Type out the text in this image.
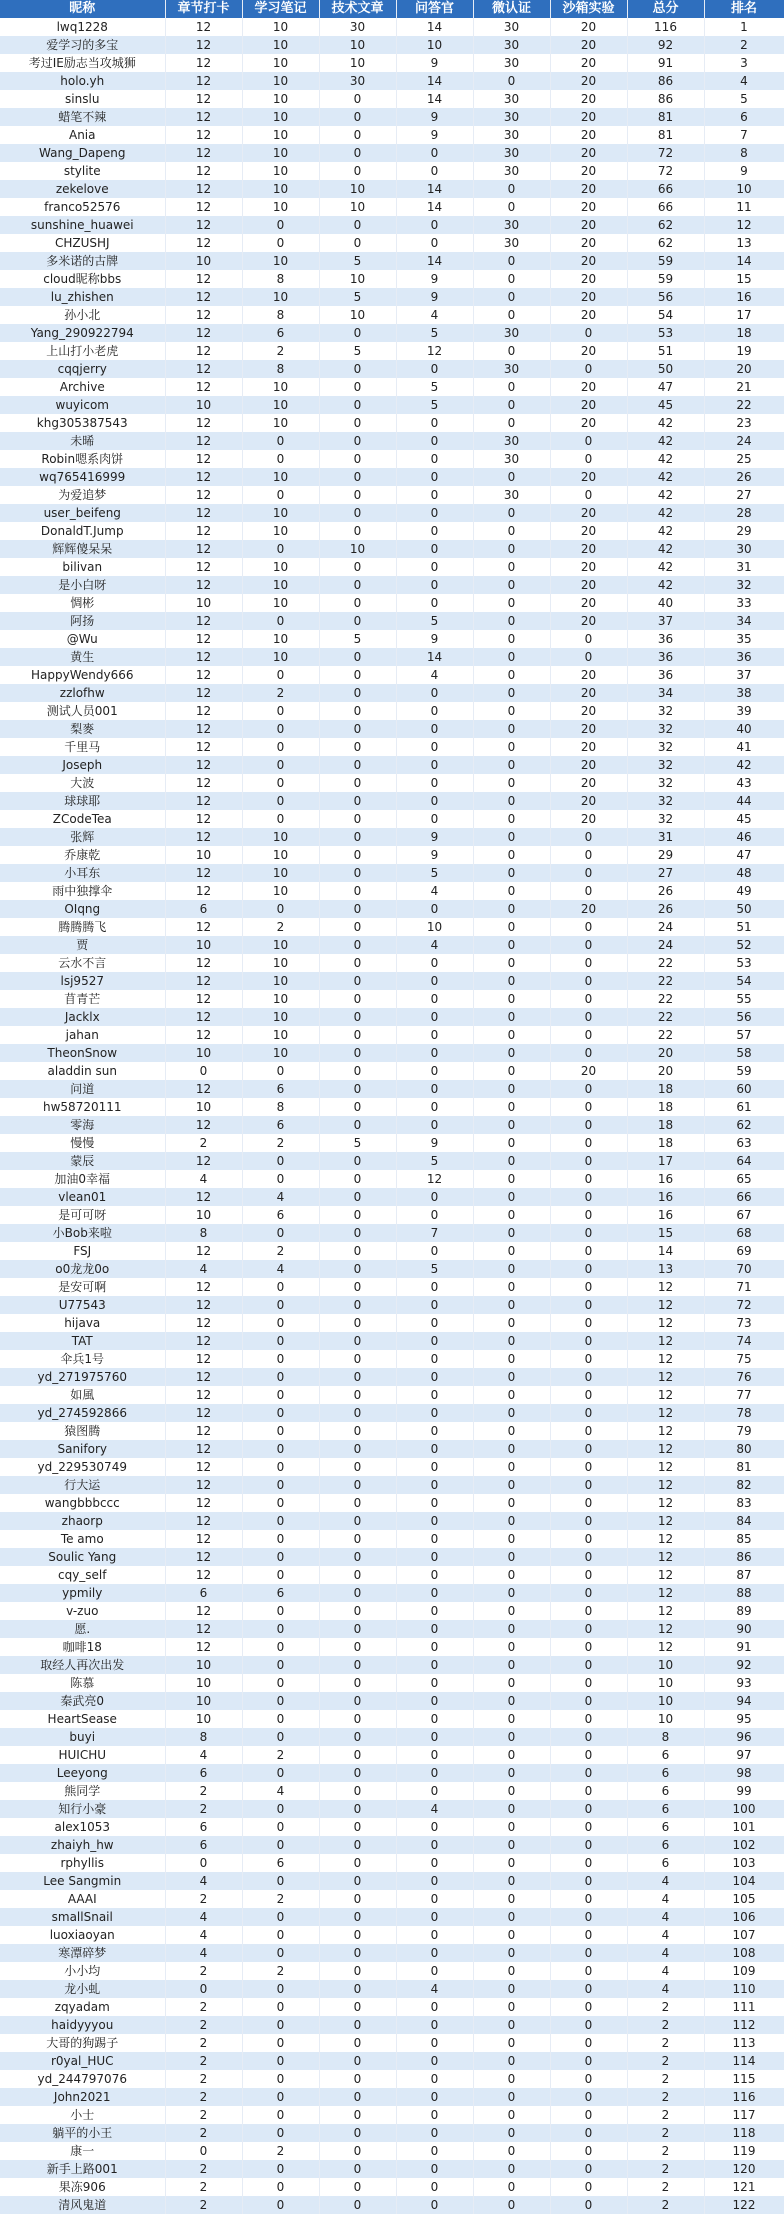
昵称	章节打卡	学习笔记	技术文章	问答官	微认证	沙箱实验	总分	排名
lwq1228	12	10	30	14	30	20	116	1
爱学习的多宝	12	10	10	10	30	20	92	2
考过IE励志当攻城狮	12	10	10	9	30	20	91	3
holo.yh	12	10	30	14	0	20	86	4
sinslu	12	10	0	14	30	20	86	5
蜡笔不辣	12	10	0	9	30	20	81	6
Ania	12	10	0	9	30	20	81	7
Wang_Dapeng	12	10	0	0	30	20	72	8
stylite	12	10	0	0	30	20	72	9
zekelove	12	10	10	14	0	20	66	10
franco52576	12	10	10	14	0	20	66	11
sunshine_huawei	12	0	0	0	30	20	62	12
CHZUSHJ	12	0	0	0	30	20	62	13
多米诺的古牌	10	10	5	14	0	20	59	14
cloud昵称bbs	12	8	10	9	0	20	59	15
lu_zhishen	12	10	5	9	0	20	56	16
孙小北	12	8	10	4	0	20	54	17
Yang_290922794	12	6	0	5	30	0	53	18
上山打小老虎	12	2	5	12	0	20	51	19
cqqjerry	12	8	0	0	30	0	50	20
Archive	12	10	0	5	0	20	47	21
wuyicom	10	10	0	5	0	20	45	22
khg305387543	12	10	0	0	0	20	42	23
未晞	12	0	0	0	30	0	42	24
Robin嗯系肉饼	12	0	0	0	30	0	42	25
wq765416999	12	10	0	0	0	20	42	26
为爱追梦	12	0	0	0	30	0	42	27
user_beifeng	12	10	0	0	0	20	42	28
DonaldT.Jump	12	10	0	0	0	20	42	29
辉辉傻呆呆	12	0	10	0	0	20	42	30
bilivan	12	10	0	0	0	20	42	31
是小白呀	12	10	0	0	0	20	42	32
惆彬	10	10	0	0	0	20	40	33
阿扬	12	0	0	5	0	20	37	34
@Wu	12	10	5	9	0	0	36	35
黄生	12	10	0	14	0	0	36	36
HappyWendy666	12	0	0	4	0	20	36	37
zzlofhw	12	2	0	0	0	20	34	38
测试人员001	12	0	0	0	0	20	32	39
梨麥	12	0	0	0	0	20	32	40
千里马	12	0	0	0	0	20	32	41
Joseph	12	0	0	0	0	20	32	42
大波	12	0	0	0	0	20	32	43
球球耶	12	0	0	0	0	20	32	44
ZCodeTea	12	0	0	0	0	20	32	45
张辉	12	10	0	9	0	0	31	46
乔康乾	10	10	0	9	0	0	29	47
小耳东	12	10	0	5	0	0	27	48
雨中独撑伞	12	10	0	4	0	0	26	49
OIqng	6	0	0	0	0	20	26	50
腾腾腾飞	12	2	0	10	0	0	24	51
贾	10	10	0	4	0	0	24	52
云水不言	12	10	0	0	0	0	22	53
lsj9527	12	10	0	0	0	0	22	54
苜青芒	12	10	0	0	0	0	22	55
Jacklx	12	10	0	0	0	0	22	56
jahan	12	10	0	0	0	0	22	57
TheonSnow	10	10	0	0	0	0	20	58
aladdin sun	0	0	0	0	0	20	20	59
问道	12	6	0	0	0	0	18	60
hw58720111	10	8	0	0	0	0	18	61
零海	12	6	0	0	0	0	18	62
慢慢	2	2	5	9	0	0	18	63
蒙辰	12	0	0	5	0	0	17	64
加油0幸福	4	0	0	12	0	0	16	65
vlean01	12	4	0	0	0	0	16	66
是可可呀	10	6	0	0	0	0	16	67
小Bob来啦	8	0	0	7	0	0	15	68
FSJ	12	2	0	0	0	0	14	69
o0龙龙0o	4	4	0	5	0	0	13	70
是安可啊	12	0	0	0	0	0	12	71
U77543	12	0	0	0	0	0	12	72
hijava	12	0	0	0	0	0	12	73
TAT	12	0	0	0	0	0	12	74
伞兵1号	12	0	0	0	0	0	12	75
yd_271975760	12	0	0	0	0	0	12	76
如風	12	0	0	0	0	0	12	77
yd_274592866	12	0	0	0	0	0	12	78
猿图腾	12	0	0	0	0	0	12	79
Sanifory	12	0	0	0	0	0	12	80
yd_229530749	12	0	0	0	0	0	12	81
行大运	12	0	0	0	0	0	12	82
wangbbbccc	12	0	0	0	0	0	12	83
zhaorp	12	0	0	0	0	0	12	84
Te amo	12	0	0	0	0	0	12	85
Soulic Yang	12	0	0	0	0	0	12	86
cqy_self	12	0	0	0	0	0	12	87
ypmily	6	6	0	0	0	0	12	88
v-zuo	12	0	0	0	0	0	12	89
愿.	12	0	0	0	0	0	12	90
咖啡18	12	0	0	0	0	0	12	91
取经人再次出发	10	0	0	0	0	0	10	92
陈慕	10	0	0	0	0	0	10	93
秦武亮0	10	0	0	0	0	0	10	94
HeartSease	10	0	0	0	0	0	10	95
buyi	8	0	0	0	0	0	8	96
HUICHU	4	2	0	0	0	0	6	97
Leeyong	6	0	0	0	0	0	6	98
熊同学	2	4	0	0	0	0	6	99
知行小豪	2	0	0	4	0	0	6	100
alex1053	6	0	0	0	0	0	6	101
zhaiyh_hw	6	0	0	0	0	0	6	102
rphyllis	0	6	0	0	0	0	6	103
Lee Sangmin	4	0	0	0	0	0	4	104
AAAI	2	2	0	0	0	0	4	105
smallSnail	4	0	0	0	0	0	4	106
luoxiaoyan	4	0	0	0	0	0	4	107
寒潭碎梦	4	0	0	0	0	0	4	108
小小均	2	2	0	0	0	0	4	109
龙小虬	0	0	0	4	0	0	4	110
zqyadam	2	0	0	0	0	0	2	111
haidyyyou	2	0	0	0	0	0	2	112
大哥的狗踢子	2	0	0	0	0	0	2	113
r0yal_HUC	2	0	0	0	0	0	2	114
yd_244797076	2	0	0	0	0	0	2	115
John2021	2	0	0	0	0	0	2	116
小士	2	0	0	0	0	0	2	117
躺平的小王	2	0	0	0	0	0	2	118
康一	0	2	0	0	0	0	2	119
新手上路001	2	0	0	0	0	0	2	120
果冻906	2	0	0	0	0	0	2	121
清风鬼道	2	0	0	0	0	0	2	122
